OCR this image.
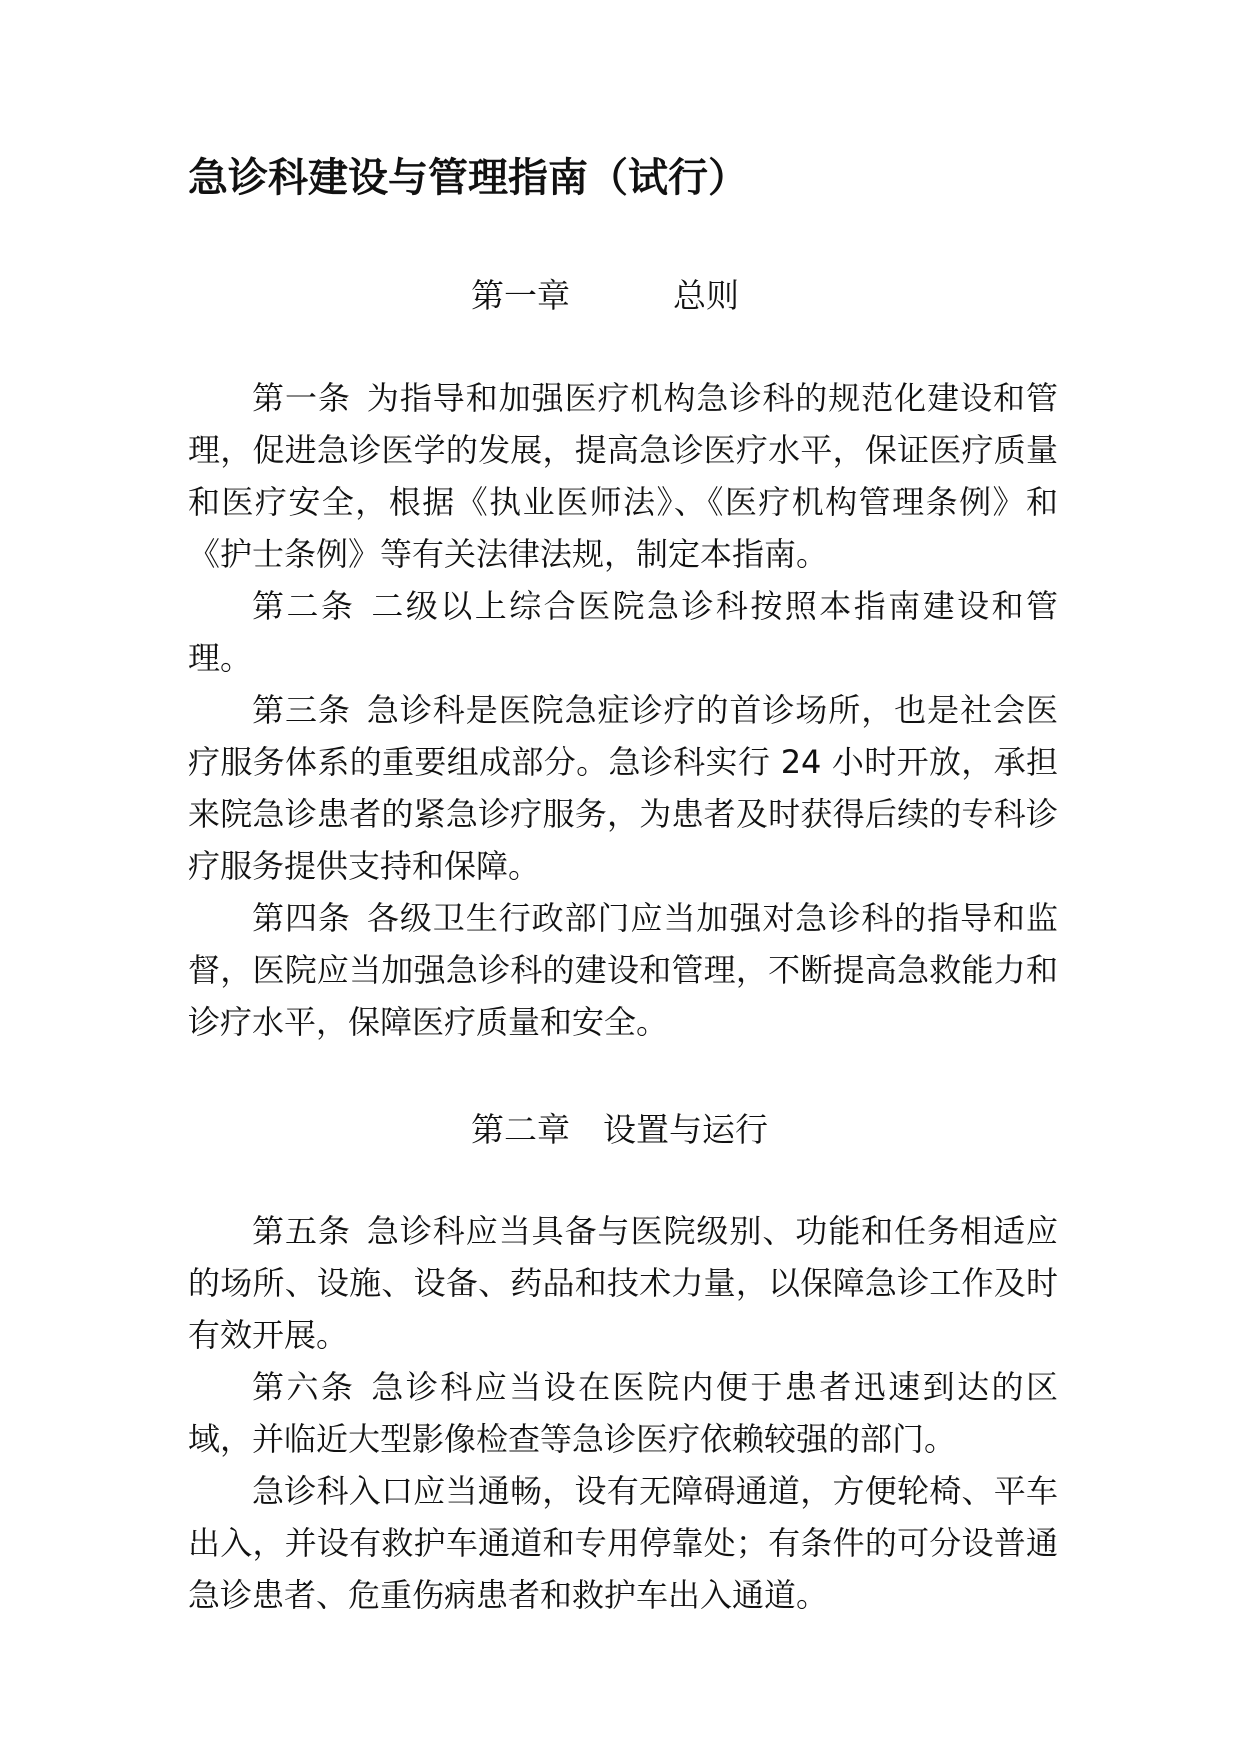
急诊科建设与管理指南（试行）
第一章	总则

第一条 为指导和加强医疗机构急诊科的规范化建设和管理，促进急诊医学的发展，提高急诊医疗水平，保证医疗质量和医疗安全，根据《执业医师法》、《医疗机构管理条例》和《护士条例》等有关法律法规，制定本指南。

第二条 二级以上综合医院急诊科按照本指南建设和管理。

第三条 急诊科是医院急症诊疗的首诊场所，也是社会医疗服务体系的重要组成部分。急诊科实行 24 小时开放，承担来院急诊患者的紧急诊疗服务，为患者及时获得后续的专科诊疗服务提供支持和保障。

第四条 各级卫生行政部门应当加强对急诊科的指导和监督，医院应当加强急诊科的建设和管理，不断提高急救能力和诊疗水平，保障医疗质量和安全。

第二章 设置与运行

第五条 急诊科应当具备与医院级别、功能和任务相适应的场所、设施、设备、药品和技术力量，以保障急诊工作及时有效开展。

第六条 急诊科应当设在医院内便于患者迅速到达的区域，并临近大型影像检查等急诊医疗依赖较强的部门。

急诊科入口应当通畅，设有无障碍通道，方便轮椅、平车出入，并设有救护车通道和专用停靠处；有条件的可分设普通急诊患者、危重伤病患者和救护车出入通道。
